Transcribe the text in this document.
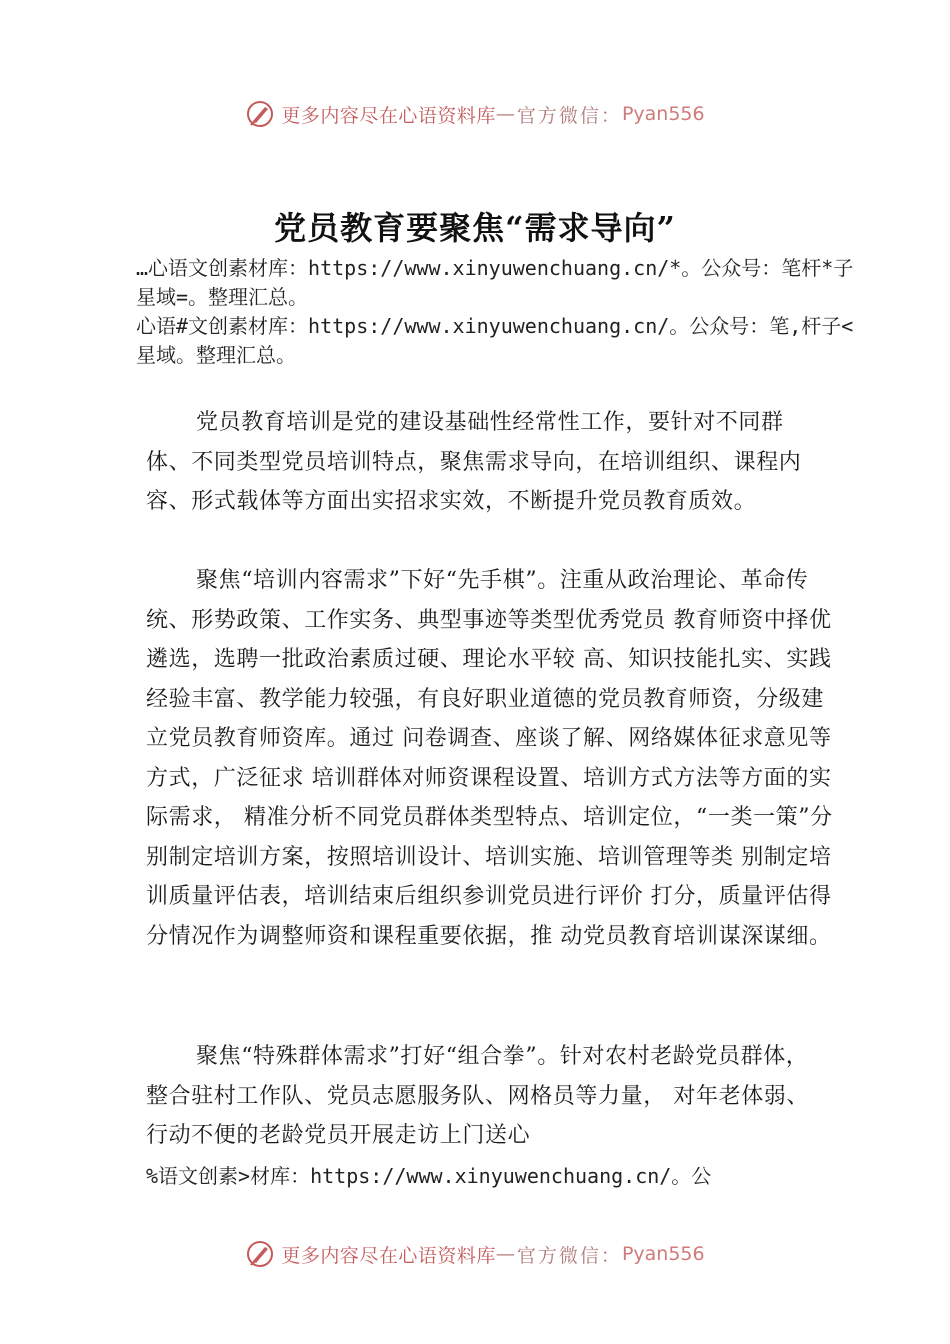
更多内容尽在心语资料库 — 官方微信： Pyan556
党员教育要聚焦“需求导向”

…心语文创素材库：https://www.xinyuwenchuang.cn/*。公众号：笔杆*子星域=。整理汇总。

心语#文创素材库：https://www.xinyuwenchuang.cn/。公众号：笔,杆子<星域。整理汇总。

党员教育培训是党的建设基础性经常性工作，要针对不同群体、不同类型党员培训特点，聚焦需求导向，在培训组织、课程内容、形式载体等方面出实招求实效，不断提升党员教育质效。

聚焦“培训内容需求”下好“先手棋”。注重从政治理论、革命传统、形势政策、工作实务、典型事迹等类型优秀党员 教育师资中择优遴选，选聘一批政治素质过硬、理论水平较 高、知识技能扎实、实践经验丰富、教学能力较强，有良好职业道德的党员教育师资，分级建立党员教育师资库。通过 问卷调查、座谈了解、网络媒体征求意见等方式，广泛征求 培训群体对师资课程设置、培训方式方法等方面的实际需求， 精准分析不同党员群体类型特点、培训定位，“一类一策”分 别制定培训方案，按照培训设计、培训实施、培训管理等类 别制定培训质量评估表，培训结束后组织参训党员进行评价 打分，质量评估得分情况作为调整师资和课程重要依据，推 动党员教育培训谋深谋细。

聚焦“特殊群体需求”打好“组合拳”。针对农村老龄党员群体，整合驻村工作队、党员志愿服务队、网格员等力量， 对年老体弱、行动不便的老龄党员开展走访上门送心

%语文创素>材库：https://www.xinyuwenchuang.cn/。公

更多内容尽在心语资料库 — 官方微信： Pyan556
